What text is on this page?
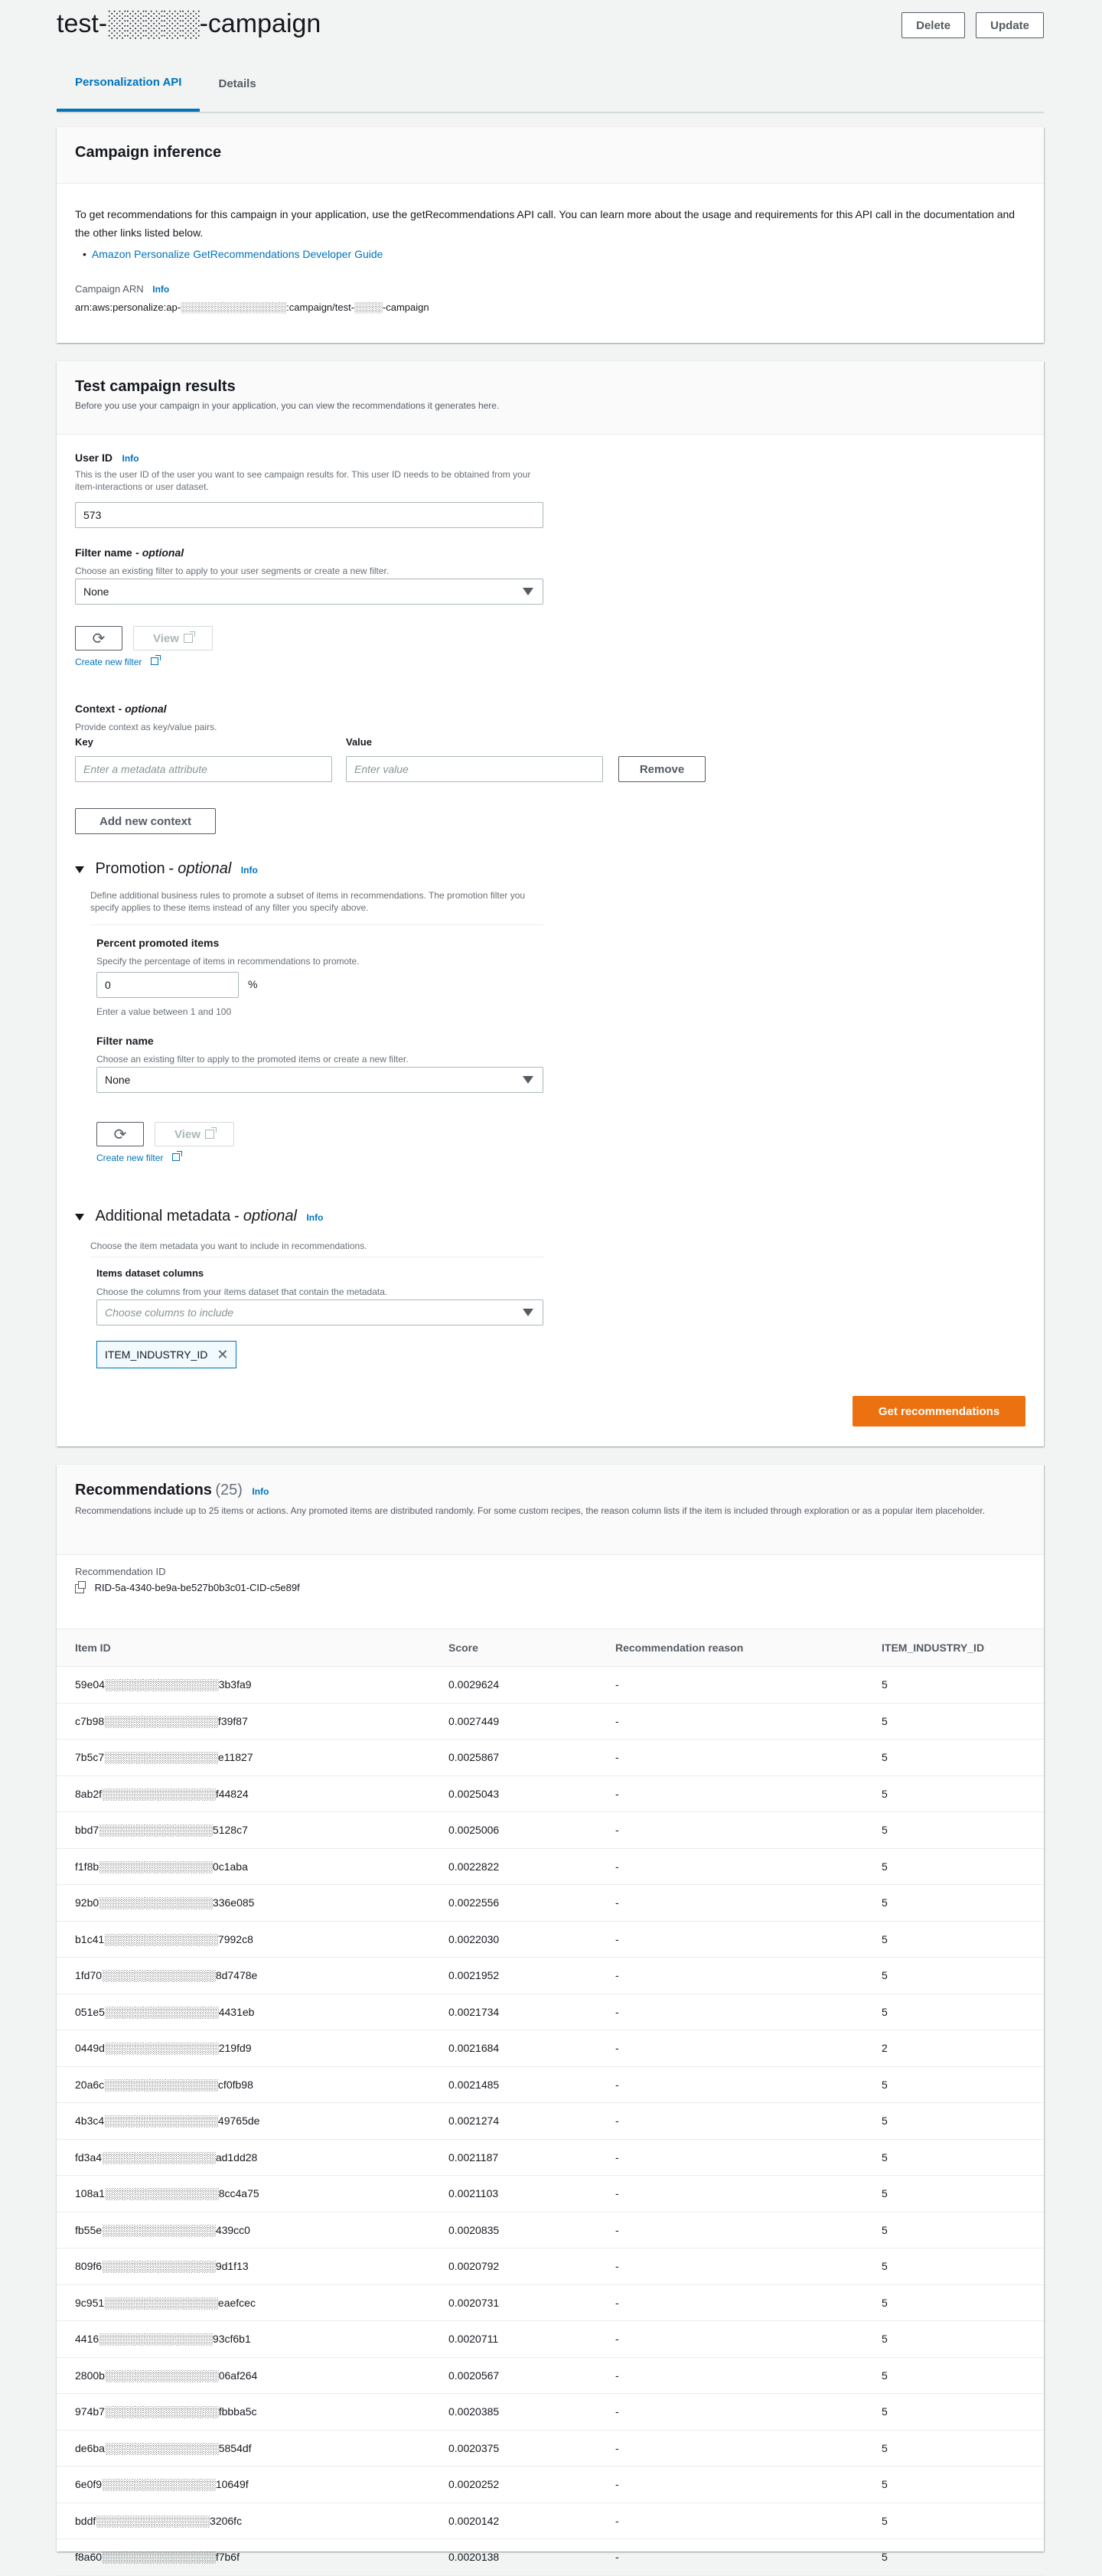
test-░░░░░-campaign	Delete	Update
Personalization API	Details
Campaign inference
To get recommendations for this campaign in your application, use the getRecommendations API call. You can learn more about the usage and requirements for this API call in the documentation and the other links listed below.
•  Amazon Personalize GetRecommendations Developer Guide
Campaign ARN Info
arn:aws:personalize:ap-░░░░░░░░░░░░░░░:campaign/test-░░░░-campaign
Test campaign results
Before you use your campaign in your application, you can view the recommendations it generates here.
User ID Info
This is the user ID of the user you want to see campaign results for. This user ID needs to be obtained from your item-interactions or user dataset.
573
Filter name - optional
Choose an existing filter to apply to your user segments or create a new filter.
None
⟳	View
Create new filter
Context - optional
Provide context as key/value pairs.
Key	Value
Enter a metadata attribute	Enter value	Remove
Add new context
Promotion - optional Info
Define additional business rules to promote a subset of items in recommendations. The promotion filter you specify applies to these items instead of any filter you specify above.
Percent promoted items
Specify the percentage of items in recommendations to promote.
0	%
Enter a value between 1 and 100
Filter name
Choose an existing filter to apply to the promoted items or create a new filter.
None
⟳	View
Create new filter
Additional metadata - optional Info
Choose the item metadata you want to include in recommendations.
Items dataset columns
Choose the columns from your items dataset that contain the metadata.
Choose columns to include
ITEM_INDUSTRY_ID ✕
Get recommendations
Recommendations (25) Info
Recommendations include up to 25 items or actions. Any promoted items are distributed randomly. For some custom recipes, the reason column lists if the item is included through exploration or as a popular item placeholder.
Recommendation ID
RID-5a-4340-be9a-be527b0b3c01-CID-c5e89f
Item ID	Score	Recommendation reason	ITEM_INDUSTRY_ID
59e04░░░░░░░░░░░░░░░3b3fa9	0.0029624	-	5
c7b98░░░░░░░░░░░░░░░f39f87	0.0027449	-	5
7b5c7░░░░░░░░░░░░░░░e11827	0.0025867	-	5
8ab2f░░░░░░░░░░░░░░░f44824	0.0025043	-	5
bbd7░░░░░░░░░░░░░░░5128c7	0.0025006	-	5
f1f8b░░░░░░░░░░░░░░░0c1aba	0.0022822	-	5
92b0░░░░░░░░░░░░░░░336e085	0.0022556	-	5
b1c41░░░░░░░░░░░░░░░7992c8	0.0022030	-	5
1fd70░░░░░░░░░░░░░░░8d7478e	0.0021952	-	5
051e5░░░░░░░░░░░░░░░4431eb	0.0021734	-	5
0449d░░░░░░░░░░░░░░░219fd9	0.0021684	-	2
20a6c░░░░░░░░░░░░░░░cf0fb98	0.0021485	-	5
4b3c4░░░░░░░░░░░░░░░49765de	0.0021274	-	5
fd3a4░░░░░░░░░░░░░░░ad1dd28	0.0021187	-	5
108a1░░░░░░░░░░░░░░░8cc4a75	0.0021103	-	5
fb55e░░░░░░░░░░░░░░░439cc0	0.0020835	-	5
809f6░░░░░░░░░░░░░░░9d1f13	0.0020792	-	5
9c951░░░░░░░░░░░░░░░eaefcec	0.0020731	-	5
4416░░░░░░░░░░░░░░░93cf6b1	0.0020711	-	5
2800b░░░░░░░░░░░░░░░06af264	0.0020567	-	5
974b7░░░░░░░░░░░░░░░fbbba5c	0.0020385	-	5
de6ba░░░░░░░░░░░░░░░5854df	0.0020375	-	5
6e0f9░░░░░░░░░░░░░░░10649f	0.0020252	-	5
bddf░░░░░░░░░░░░░░░3206fc	0.0020142	-	5
f8a60░░░░░░░░░░░░░░░f7b6f	0.0020138	-	5
